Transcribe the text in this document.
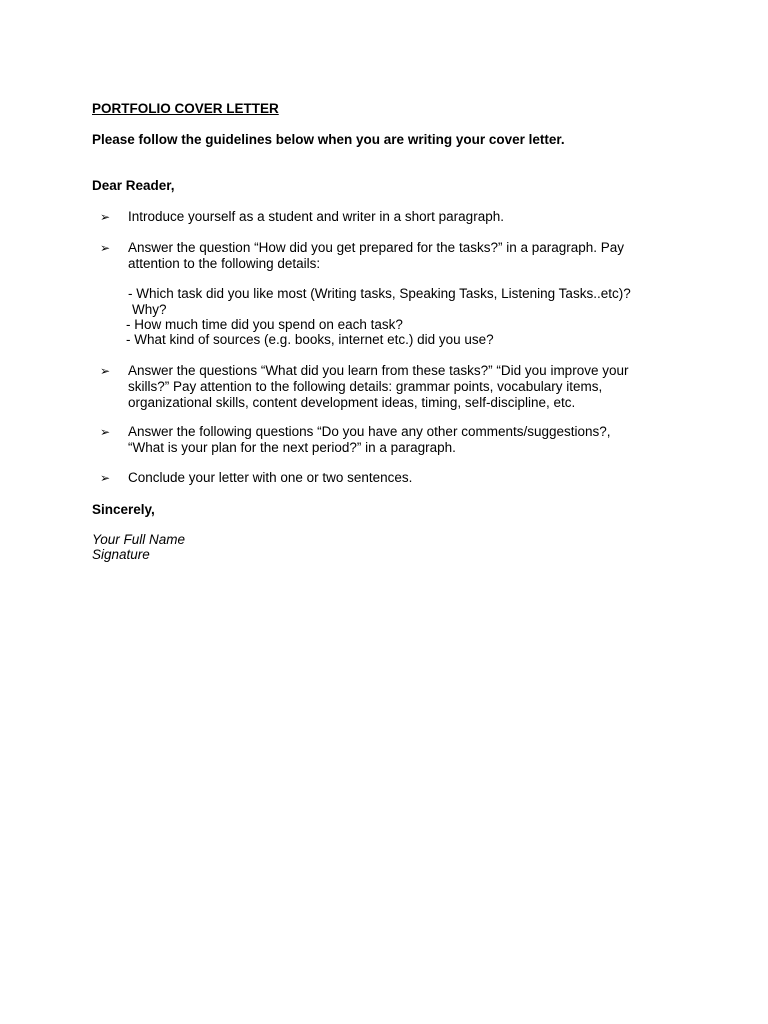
PORTFOLIO COVER LETTER
Please follow the guidelines below when you are writing your cover letter.
Dear Reader,
➢ Introduce yourself as a student and writer in a short paragraph.
➢ Answer the question “How did you get prepared for the tasks?” in a paragraph. Pay
attention to the following details:
- Which task did you like most (Writing tasks, Speaking Tasks, Listening Tasks..etc)?
Why?
- How much time did you spend on each task?
- What kind of sources (e.g. books, internet etc.) did you use?
➢ Answer the questions “What did you learn from these tasks?” “Did you improve your
skills?” Pay attention to the following details: grammar points, vocabulary items,
organizational skills, content development ideas, timing, self-discipline, etc.
➢ Answer the following questions “Do you have any other comments/suggestions?,
“What is your plan for the next period?” in a paragraph.
➢ Conclude your letter with one or two sentences.
Sincerely,
Your Full Name
Signature
